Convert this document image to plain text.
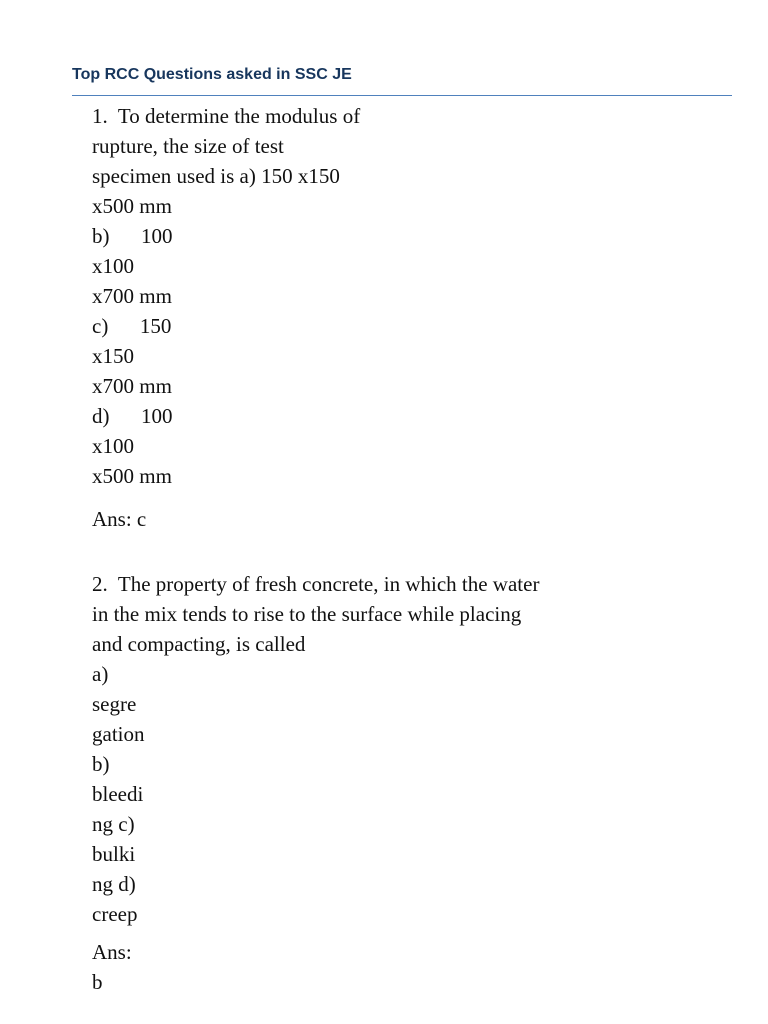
Top RCC Questions asked in SSC JE
1.  To determine the modulus of
rupture, the size of test
specimen used is a) 150 x150
x500 mm
b)      100
x100
x700 mm
c)      150
x150
x700 mm
d)      100
x100
x500 mm
Ans: c
2.  The property of fresh concrete, in which the water
in the mix tends to rise to the surface while placing
and compacting, is called
a)
segre
gation
b)
bleedi
ng c)
bulki
ng d)
creep
Ans:
b
